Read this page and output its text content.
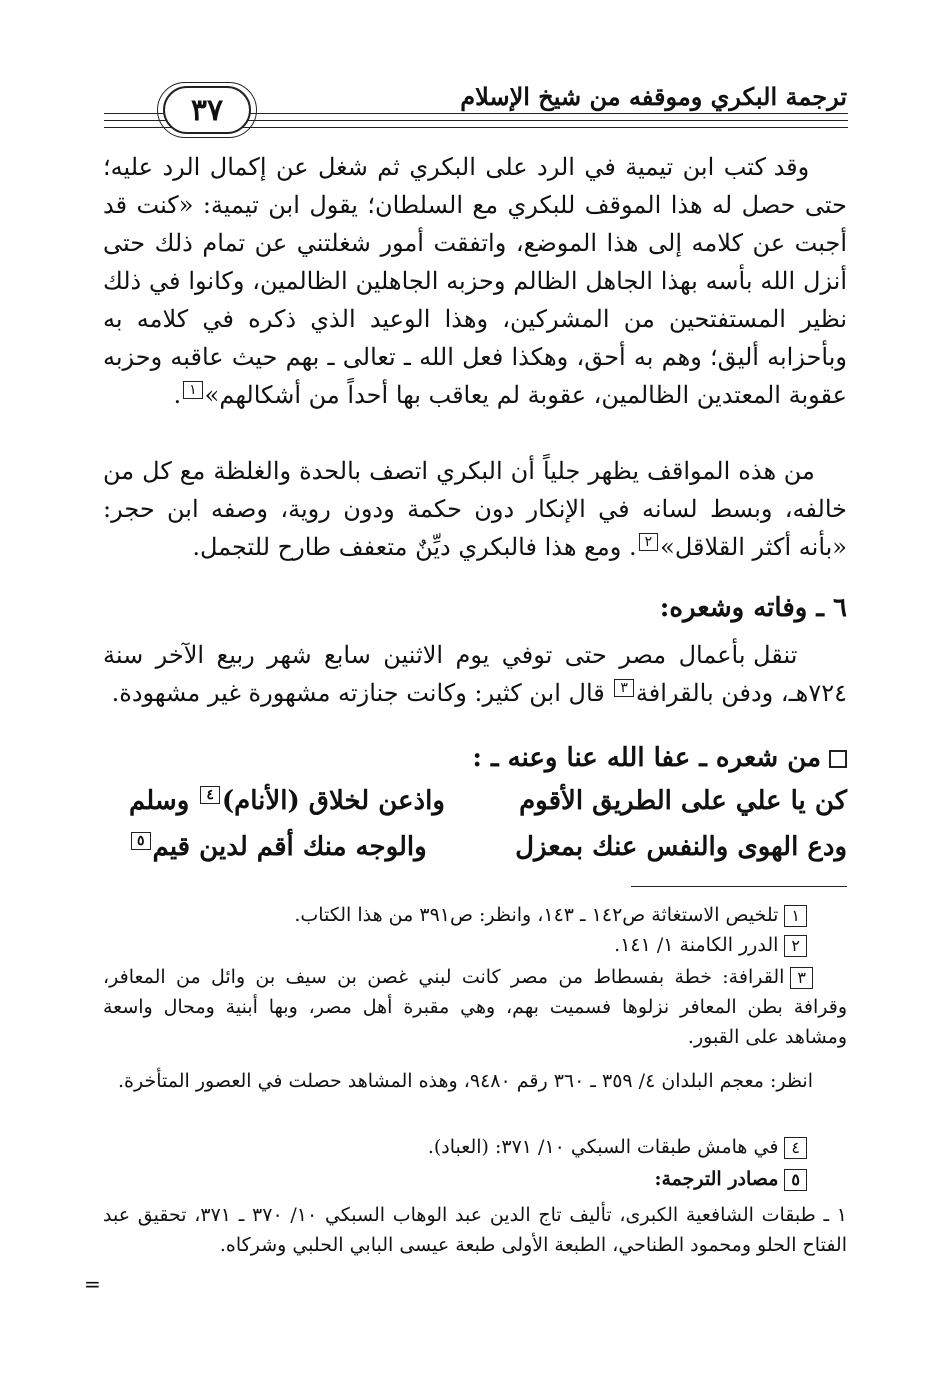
ترجمة البكري وموقفه من شيخ الإسلام
٣٧

وقد كتب ابن تيمية في الرد على البكري ثم شغل عن إكمال الرد عليه؛ حتى حصل له هذا الموقف للبكري مع السلطان؛ يقول ابن تيمية: «كنت قد أجبت عن كلامه إلى هذا الموضع، واتفقت أمور شغلتني عن تمام ذلك حتى أنزل الله بأسه بهذا الجاهل الظالم وحزبه الجاهلين الظالمين، وكانوا في ذلك نظير المستفتحين من المشركين، وهذا الوعيد الذي ذكره في كلامه به وبأحزابه أليق؛ وهم به أحق، وهكذا فعل الله ـ تعالى ـ بهم حيث عاقبه وحزبه عقوبة المعتدين الظالمين، عقوبة لم يعاقب بها أحداً من أشكالهم»١.

من هذه المواقف يظهر جلياً أن البكري اتصف بالحدة والغلظة مع كل من خالفه، وبسط لسانه في الإنكار دون حكمة ودون روية، وصفه ابن حجر: «بأنه أكثر القلاقل»٢. ومع هذا فالبكري ديِّنٌ متعفف طارح للتجمل.

٦ ـ وفاته وشعره:

تنقل بأعمال مصر حتى توفي يوم الاثنين سابع شهر ربيع الآخر سنة ٧٢٤هـ، ودفن بالقرافة٣ قال ابن كثير: وكانت جنازته مشهورة غير مشهودة.

من شعره ـ عفا الله عنا وعنه ـ :
كن يا علي على الطريق الأقوم
واذعن لخلاق (الأنام)٤ وسلم
ودع الهوى والنفس عنك بمعزل
والوجه منك أقم لدين قيم٥

١تلخيص الاستغاثة ص١٤٢ ـ ١٤٣، وانظر: ص٣٩١ من هذا الكتاب.

٢الدرر الكامنة ١/ ١٤١.

٣القرافة: خطة بفسطاط من مصر كانت لبني غصن بن سيف بن وائل من المعافر، وقرافة بطن المعافر نزلوها فسميت بهم، وهي مقبرة أهل مصر، وبها أبنية ومحال واسعة ومشاهد على القبور.

انظر: معجم البلدان ٤/ ٣٥٩ ـ ٣٦٠ رقم ٩٤٨٠، وهذه المشاهد حصلت في العصور المتأخرة.

٤في هامش طبقات السبكي ١٠/ ٣٧١: (العباد).

٥مصادر الترجمة:

١ ـ طبقات الشافعية الكبرى، تأليف تاج الدين عبد الوهاب السبكي ١٠/ ٣٧٠ ـ ٣٧١، تحقيق عبد الفتاح الحلو ومحمود الطناحي، الطبعة الأولى طبعة عيسى البابي الحلبي وشركاه.

=
